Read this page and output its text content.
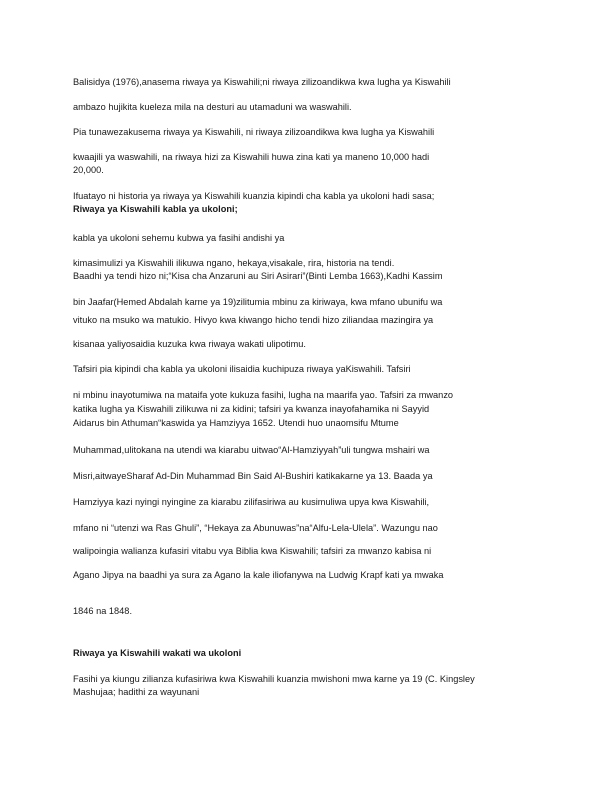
Balisidya (1976),anasema riwaya ya Kiswahili;ni riwaya zilizoandikwa kwa lugha ya Kiswahili
ambazo hujikita kueleza mila na desturi au utamaduni wa waswahili.
Pia tunawezakusema riwaya ya Kiswahili, ni riwaya zilizoandikwa kwa lugha ya Kiswahili
kwaajili ya waswahili, na riwaya hizi za Kiswahili huwa zina kati ya maneno 10,000 hadi
20,000.
Ifuatayo ni historia ya riwaya ya Kiswahili kuanzia kipindi cha kabla ya ukoloni hadi sasa;
Riwaya ya Kiswahili kabla ya ukoloni;
kabla ya ukoloni sehemu kubwa ya fasihi andishi ya
kimasimulizi ya Kiswahili ilikuwa ngano, hekaya,visakale, rira, historia na tendi.
Baadhi ya tendi hizo ni;“Kisa cha Anzaruni au Siri Asirari”(Binti Lemba 1663),Kadhi Kassim
bin Jaafar(Hemed Abdalah karne ya 19)zilitumia mbinu za kiriwaya, kwa mfano ubunifu wa
vituko na msuko wa matukio. Hivyo kwa kiwango hicho tendi hizo ziliandaa mazingira ya
kisanaa yaliyosaidia kuzuka kwa riwaya wakati ulipotimu.
Tafsiri pia kipindi cha kabla ya ukoloni ilisaidia kuchipuza riwaya yaKiswahili. Tafsiri
ni mbinu inayotumiwa na mataifa yote kukuza fasihi, lugha na maarifa yao. Tafsiri za mwanzo
katika lugha ya Kiswahili zilikuwa ni za kidini; tafsiri ya kwanza inayofahamika ni Sayyid
Aidarus bin Athuman“kaswida ya Hamziyya 1652. Utendi huo unaomsifu Mtume
Muhammad,ulitokana na utendi wa kiarabu uitwao“Al-Hamziyyah”uli tungwa mshairi wa
Misri,aitwayeSharaf Ad-Din Muhammad Bin Said Al-Bushiri katikakarne ya 13. Baada ya
Hamziyya kazi nyingi nyingine za kiarabu zilifasiriwa au kusimuliwa upya kwa Kiswahili,
mfano ni “utenzi wa Ras Ghuli”, “Hekaya za Abunuwas”na“Alfu-Lela-Ulela”. Wazungu nao
walipoingia walianza kufasiri vitabu vya Biblia kwa Kiswahili; tafsiri za mwanzo kabisa ni
Agano Jipya na baadhi ya sura za Agano la kale iliofanywa na Ludwig Krapf kati ya mwaka
1846 na 1848.
Riwaya ya Kiswahili wakati wa ukoloni
Fasihi ya kiungu zilianza kufasiriwa kwa Kiswahili kuanzia mwishoni mwa karne ya 19 (C. Kingsley
Mashujaa; hadithi za wayunani
